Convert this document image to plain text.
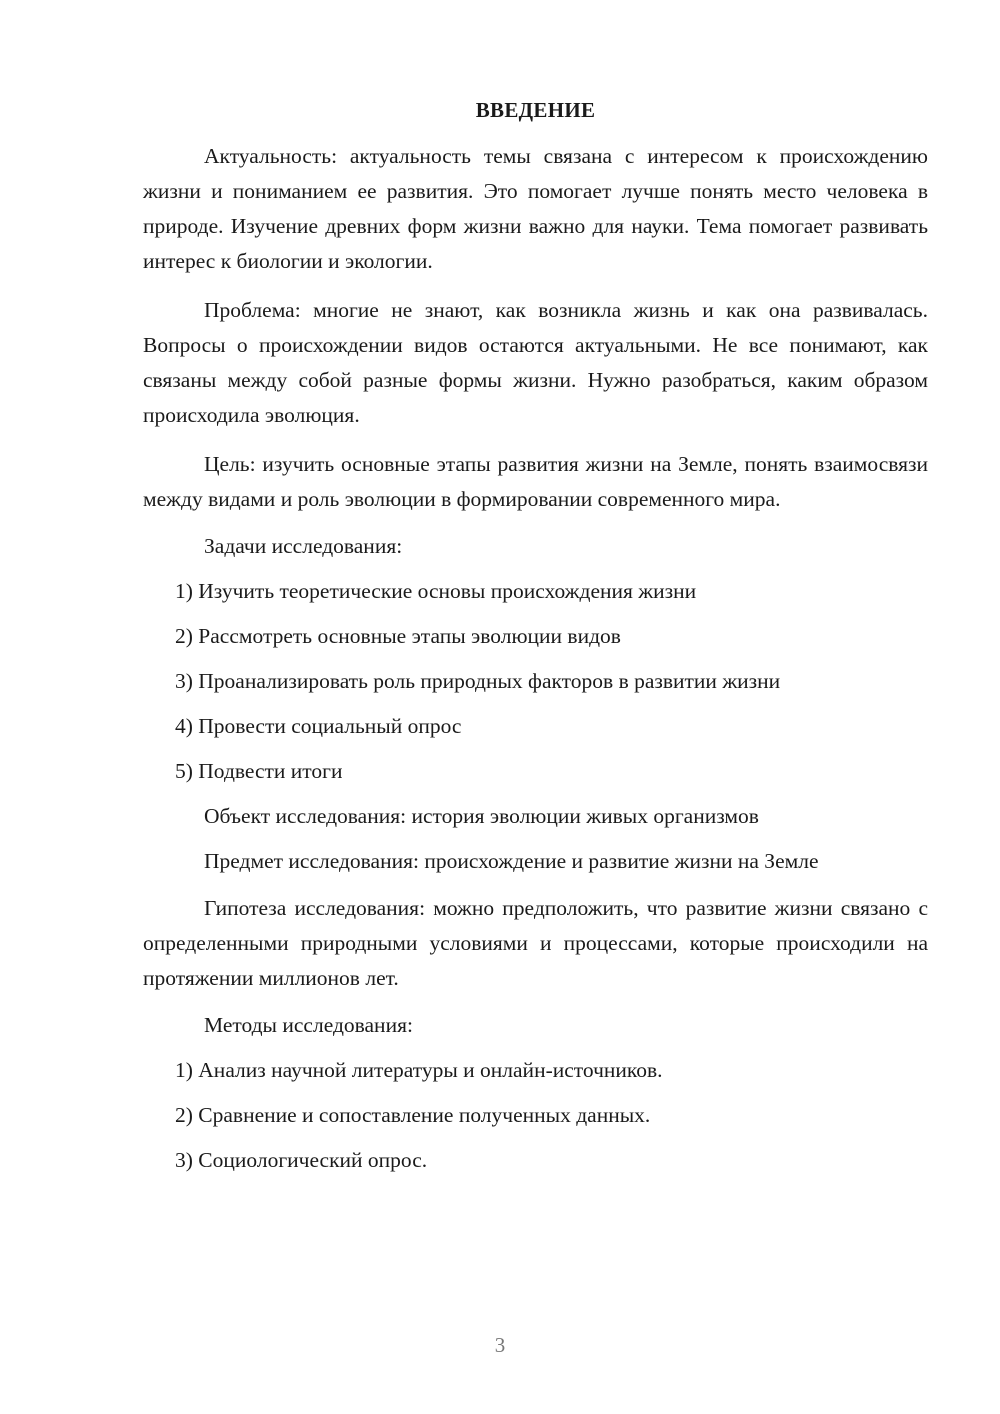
ВВЕДЕНИЕ

Актуальность: актуальность темы связана с интересом к происхождению жизни и пониманием ее развития. Это помогает лучше понять место человека в природе. Изучение древних форм жизни важно для науки. Тема помогает развивать интерес к биологии и экологии.

Проблема: многие не знают, как возникла жизнь и как она развивалась. Вопросы о происхождении видов остаются актуальными. Не все понимают, как связаны между собой разные формы жизни. Нужно разобраться, каким образом происходила эволюция.

Цель: изучить основные этапы развития жизни на Земле, понять взаимосвязи между видами и роль эволюции в формировании современного мира.

Задачи исследования:
1) Изучить теоретические основы происхождения жизни
2) Рассмотреть основные этапы эволюции видов
3) Проанализировать роль природных факторов в развитии жизни
4) Провести социальный опрос
5) Подвести итоги
Объект исследования: история эволюции живых организмов
Предмет исследования: происхождение и развитие жизни на Земле

Гипотеза исследования: можно предположить, что развитие жизни связано с определенными природными условиями и процессами, которые происходили на протяжении миллионов лет.

Методы исследования:
1) Анализ научной литературы и онлайн-источников.
2) Сравнение и сопоставление полученных данных.
3) Социологический опрос.
3
